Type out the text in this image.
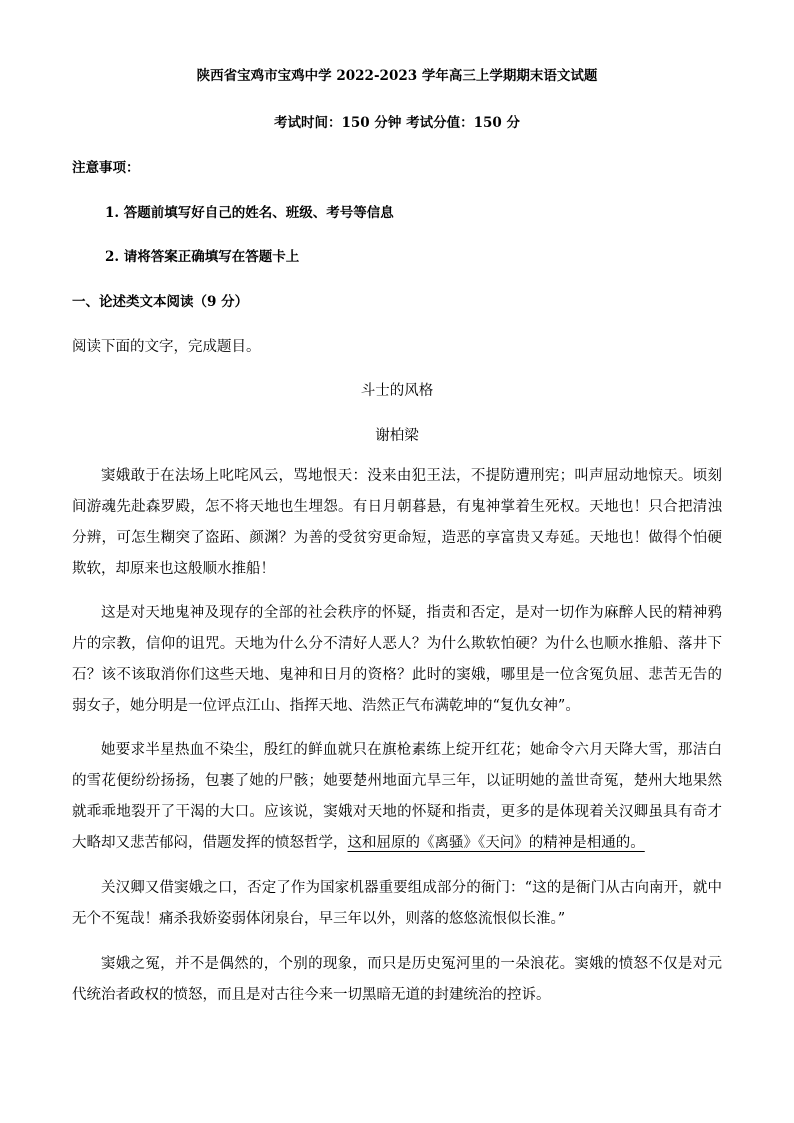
陕西省宝鸡市宝鸡中学 2022-2023 学年高三上学期期末语文试题
考试时间：150 分钟 考试分值：150 分
注意事项：
1. 答题前填写好自己的姓名、班级、考号等信息
2. 请将答案正确填写在答题卡上
一、论述类文本阅读（9 分）
阅读下面的文字，完成题目。
斗士的风格
谢柏梁

窦娥敢于在法场上叱咤风云，骂地恨天：没来由犯王法，不提防遭刑宪；叫声屈动地惊天。顷刻间游魂先赴森罗殿，怎不将天地也生埋怨。有日月朝暮悬，有鬼神掌着生死权。天地也！只合把清浊分辨，可怎生糊突了盗跖、颜渊？为善的受贫穷更命短，造恶的享富贵又寿延。天地也！做得个怕硬欺软，却原来也这般顺水推船！

这是对天地鬼神及现存的全部的社会秩序的怀疑，指责和否定，是对一切作为麻醉人民的精神鸦片的宗教，信仰的诅咒。天地为什么分不清好人恶人？为什么欺软怕硬？为什么也顺水推船、落井下石？该不该取消你们这些天地、鬼神和日月的资格？此时的窦娥，哪里是一位含冤负屈、悲苦无告的弱女子，她分明是一位评点江山、指挥天地、浩然正气布满乾坤的“复仇女神”。

她要求半星热血不染尘，殷红的鲜血就只在旗枪素练上绽开红花；她命令六月天降大雪，那洁白的雪花便纷纷扬扬，包裹了她的尸骸；她要楚州地面亢旱三年，以证明她的盖世奇冤，楚州大地果然就乖乖地裂开了干渴的大口。应该说，窦娥对天地的怀疑和指责，更多的是体现着关汉卿虽具有奇才大略却又悲苦郁闷，借题发挥的愤怒哲学，这和屈原的《离骚》《天问》的精神是相通的。

关汉卿又借窦娥之口，否定了作为国家机器重要组成部分的衙门：“这的是衙门从古向南开，就中无个不冤哉！痛杀我娇姿弱体闭泉台，早三年以外，则落的悠悠流恨似长淮。”

窦娥之冤，并不是偶然的，个别的现象，而只是历史冤河里的一朵浪花。窦娥的愤怒不仅是对元代统治者政权的愤怒，而且是对古往今来一切黑暗无道的封建统治的控诉。
